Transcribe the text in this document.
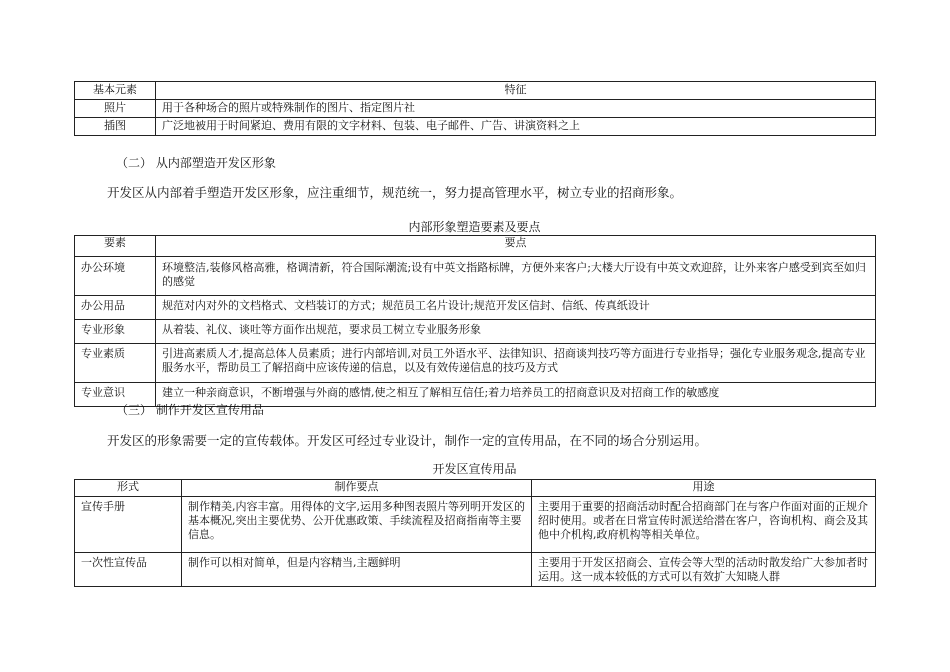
基本元素	特征
照片	用于各种场合的照片或特殊制作的图片、指定图片社
插图	广泛地被用于时间紧迫、费用有限的文字材料、包装、电子邮件、广告、讲演资料之上
（二） 从内部塑造开发区形象
开发区从内部着手塑造开发区形象，应注重细节，规范统一，努力提高管理水平，树立专业的招商形象。
内部形象塑造要素及要点
要素	要点
办公环境	环境整洁,装修风格高雅，格调清新，符合国际潮流;设有中英文指路标牌，方便外来客户;大楼大厅设有中英文欢迎辞，让外来客户感受到宾至如归的感觉
办公用品	规范对内对外的文档格式、文档装订的方式；规范员工名片设计;规范开发区信封、信纸、传真纸设计
专业形象	从着装、礼仪、谈吐等方面作出规范，要求员工树立专业服务形象
专业素质	引进高素质人才,提高总体人员素质；进行内部培训,对员工外语水平、法律知识、招商谈判技巧等方面进行专业指导；强化专业服务观念,提高专业服务水平，帮助员工了解招商中应该传递的信息，以及有效传递信息的技巧及方式
专业意识	建立一种亲商意识，不断增强与外商的感情,使之相互了解相互信任;着力培养员工的招商意识及对招商工作的敏感度
（三） 制作开发区宣传用品
开发区的形象需要一定的宣传载体。开发区可经过专业设计，制作一定的宣传用品，在不同的场合分别运用。
开发区宣传用品
形式	制作要点	用途
宣传手册	制作精美,内容丰富。用得体的文字,运用多种图表照片等列明开发区的基本概况,突出主要优势、公开优惠政策、手续流程及招商指南等主要信息。	主要用于重要的招商活动时配合招商部门在与客户作面对面的正规介绍时使用。或者在日常宣传时派送给潜在客户，咨询机构、商会及其他中介机构,政府机构等相关单位。
一次性宣传品	制作可以相对简单，但是内容精当,主题鲜明	主要用于开发区招商会、宣传会等大型的活动时散发给广大参加者时运用。这一成本较低的方式可以有效扩大知晓人群
